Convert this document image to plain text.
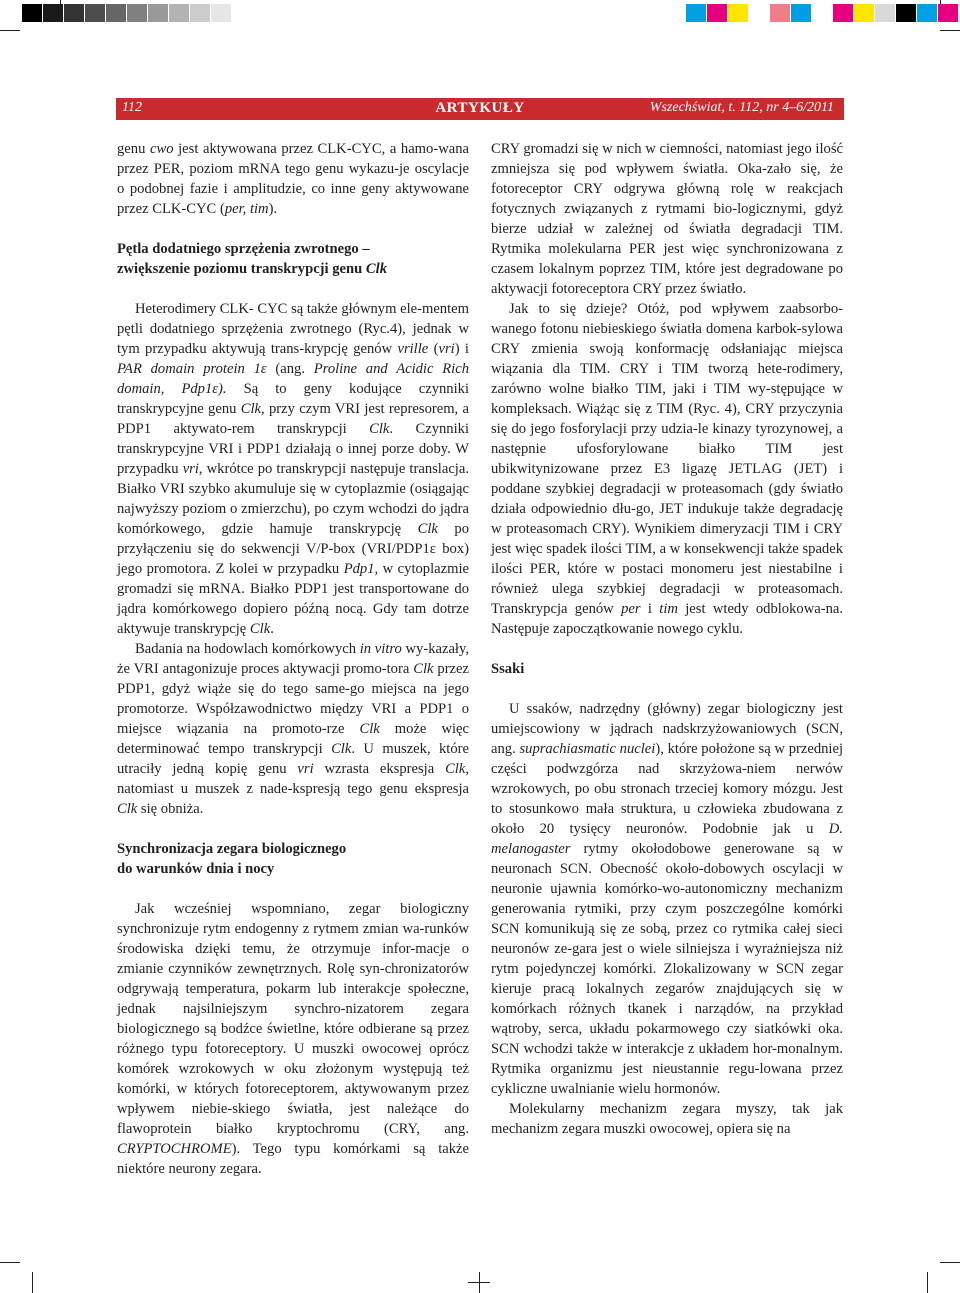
112	ARTYKUŁY	Wszechświat, t. 112, nr 4–6/2011

genu cwo jest aktywowana przez CLK-CYC, a hamo-wana przez PER, poziom mRNA tego genu wykazu-je oscylacje o podobnej fazie i amplitudzie, co inne geny aktywowane przez CLK-CYC (per, tim).

Pętla dodatniego sprzężenia zwrotnego –
zwiększenie poziomu transkrypcji genu Clk

Heterodimery CLK- CYC są także głównym ele-mentem pętli dodatniego sprzężenia zwrotnego (Ryc.4), jednak w tym przypadku aktywują trans-krypcję genów vrille (vri) i PAR domain protein 1ε (ang. Proline and Acidic Rich domain, Pdp1ε). Są to geny kodujące czynniki transkrypcyjne genu Clk, przy czym VRI jest represorem, a PDP1 aktywato-rem transkrypcji Clk. Czynniki transkrypcyjne VRI i PDP1 działają o innej porze doby. W przypadku vri, wkrótce po transkrypcji następuje translacja. Białko VRI szybko akumuluje się w cytoplazmie (osiągając najwyższy poziom o zmierzchu), po czym wchodzi do jądra komórkowego, gdzie hamuje transkrypcję Clk po przyłączeniu się do sekwencji V/P-box (VRI/PDP1ε box) jego promotora. Z kolei w przypadku Pdp1, w cytoplazmie gromadzi się mRNA. Białko PDP1 jest transportowane do jądra komórkowego dopiero późną nocą. Gdy tam dotrze aktywuje transkrypcję Clk.

Badania na hodowlach komórkowych in vitro wy-kazały, że VRI antagonizuje proces aktywacji promo-tora Clk przez PDP1, gdyż wiąże się do tego same-go miejsca na jego promotorze. Współzawodnictwo między VRI a PDP1 o miejsce wiązania na promoto-rze Clk może więc determinować tempo transkrypcji Clk. U muszek, które utraciły jedną kopię genu vri wzrasta ekspresja Clk, natomiast u muszek z nade-kspresją tego genu ekspresja Clk się obniża.

Synchronizacja zegara biologicznego
do warunków dnia i nocy

Jak wcześniej wspomniano, zegar biologiczny synchronizuje rytm endogenny z rytmem zmian wa-runków środowiska dzięki temu, że otrzymuje infor-macje o zmianie czynników zewnętrznych. Rolę syn-chronizatorów odgrywają temperatura, pokarm lub interakcje społeczne, jednak najsilniejszym synchro-nizatorem zegara biologicznego są bodźce świetlne, które odbierane są przez różnego typu fotoreceptory. U muszki owocowej oprócz komórek wzrokowych w oku złożonym występują też komórki, w których fotoreceptorem, aktywowanym przez wpływem niebie-skiego światła, jest należące do flawoprotein białko kryptochromu (CRY, ang. CRYPTOCHROME). Tego typu komórkami są także niektóre neurony zegara.

CRY gromadzi się w nich w ciemności, natomiast jego ilość zmniejsza się pod wpływem światła. Oka-zało się, że fotoreceptor CRY odgrywa główną rolę w reakcjach fotycznych związanych z rytmami bio-logicznymi, gdyż bierze udział w zależnej od światła degradacji TIM. Rytmika molekularna PER jest więc synchronizowana z czasem lokalnym poprzez TIM, które jest degradowane po aktywacji fotoreceptora CRY przez światło.

Jak to się dzieje? Otóż, pod wpływem zaabsorbo-wanego fotonu niebieskiego światła domena karbok-sylowa CRY zmienia swoją konformację odsłaniając miejsca wiązania dla TIM. CRY i TIM tworzą hete-rodimery, zarówno wolne białko TIM, jaki i TIM wy-stępujące w kompleksach. Wiążąc się z TIM (Ryc. 4), CRY przyczynia się do jego fosforylacji przy udzia-le kinazy tyrozynowej, a następnie ufosforylowane białko TIM jest ubikwitynizowane przez E3 ligazę JETLAG (JET) i poddane szybkiej degradacji w proteasomach (gdy światło działa odpowiednio dłu-go, JET indukuje także degradację w proteasomach CRY). Wynikiem dimeryzacji TIM i CRY jest więc spadek ilości TIM, a w konsekwencji także spadek ilości PER, które w postaci monomeru jest niestabilne i również ulega szybkiej degradacji w proteasomach. Transkrypcja genów per i tim jest wtedy odblokowa-na. Następuje zapoczątkowanie nowego cyklu.

Ssaki

U ssaków, nadrzędny (główny) zegar biologiczny jest umiejscowiony w jądrach nadskrzyżowaniowych (SCN, ang. suprachiasmatic nuclei), które położone są w przedniej części podwzgórza nad skrzyżowa-niem nerwów wzrokowych, po obu stronach trzeciej komory mózgu. Jest to stosunkowo mała struktura, u człowieka zbudowana z około 20 tysięcy neuronów. Podobnie jak u D. melanogaster rytmy okołodobowe generowane są w neuronach SCN. Obecność około-dobowych oscylacji w neuronie ujawnia komórko-wo-autonomiczny mechanizm generowania rytmiki, przy czym poszczególne komórki SCN komunikują się ze sobą, przez co rytmika całej sieci neuronów ze-gara jest o wiele silniejsza i wyrażniejsza niż rytm pojedynczej komórki. Zlokalizowany w SCN zegar kieruje pracą lokalnych zegarów znajdujących się w komórkach różnych tkanek i narządów, na przykład wątroby, serca, układu pokarmowego czy siatkówki oka. SCN wchodzi także w interakcje z układem hor-monalnym. Rytmika organizmu jest nieustannie regu-lowana przez cykliczne uwalnianie wielu hormonów.

Molekularny mechanizm zegara myszy, tak jak mechanizm zegara muszki owocowej, opiera się na
